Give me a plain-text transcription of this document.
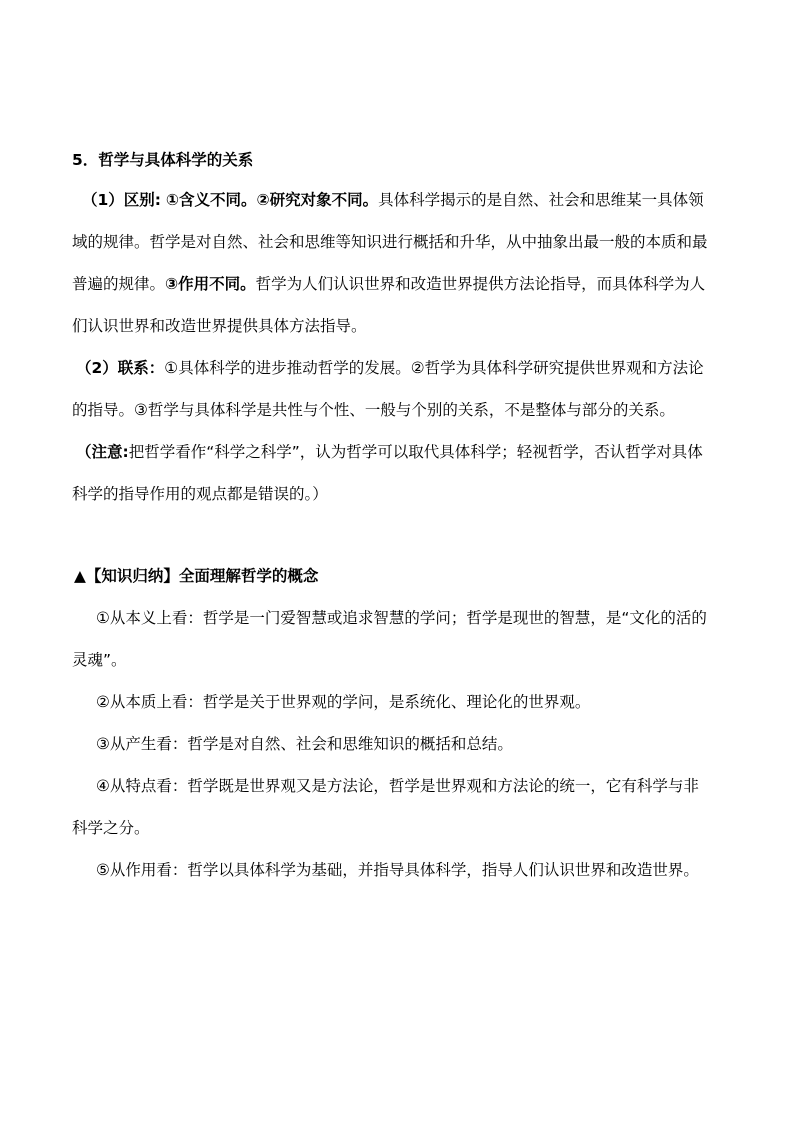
5．哲学与具体科学的关系
（1）区别: ①含义不同。②研究对象不同。具体科学揭示的是自然、社会和思维某一具体领
域的规律。哲学是对自然、社会和思维等知识进行概括和升华，从中抽象出最一般的本质和最
普遍的规律。③作用不同。哲学为人们认识世界和改造世界提供方法论指导，而具体科学为人
们认识世界和改造世界提供具体方法指导。
（2）联系：①具体科学的进步推动哲学的发展。②哲学为具体科学研究提供世界观和方法论
的指导。③哲学与具体科学是共性与个性、一般与个别的关系，不是整体与部分的关系。
（注意:把哲学看作“科学之科学”，认为哲学可以取代具体科学；轻视哲学，否认哲学对具体
科学的指导作用的观点都是错误的。）
▲【知识归纳】全面理解哲学的概念
①从本义上看：哲学是一门爱智慧或追求智慧的学问；哲学是现世的智慧，是“文化的活的
灵魂”。
②从本质上看：哲学是关于世界观的学问，是系统化、理论化的世界观。
③从产生看：哲学是对自然、社会和思维知识的概括和总结。
④从特点看：哲学既是世界观又是方法论，哲学是世界观和方法论的统一，它有科学与非
科学之分。
⑤从作用看：哲学以具体科学为基础，并指导具体科学，指导人们认识世界和改造世界。
